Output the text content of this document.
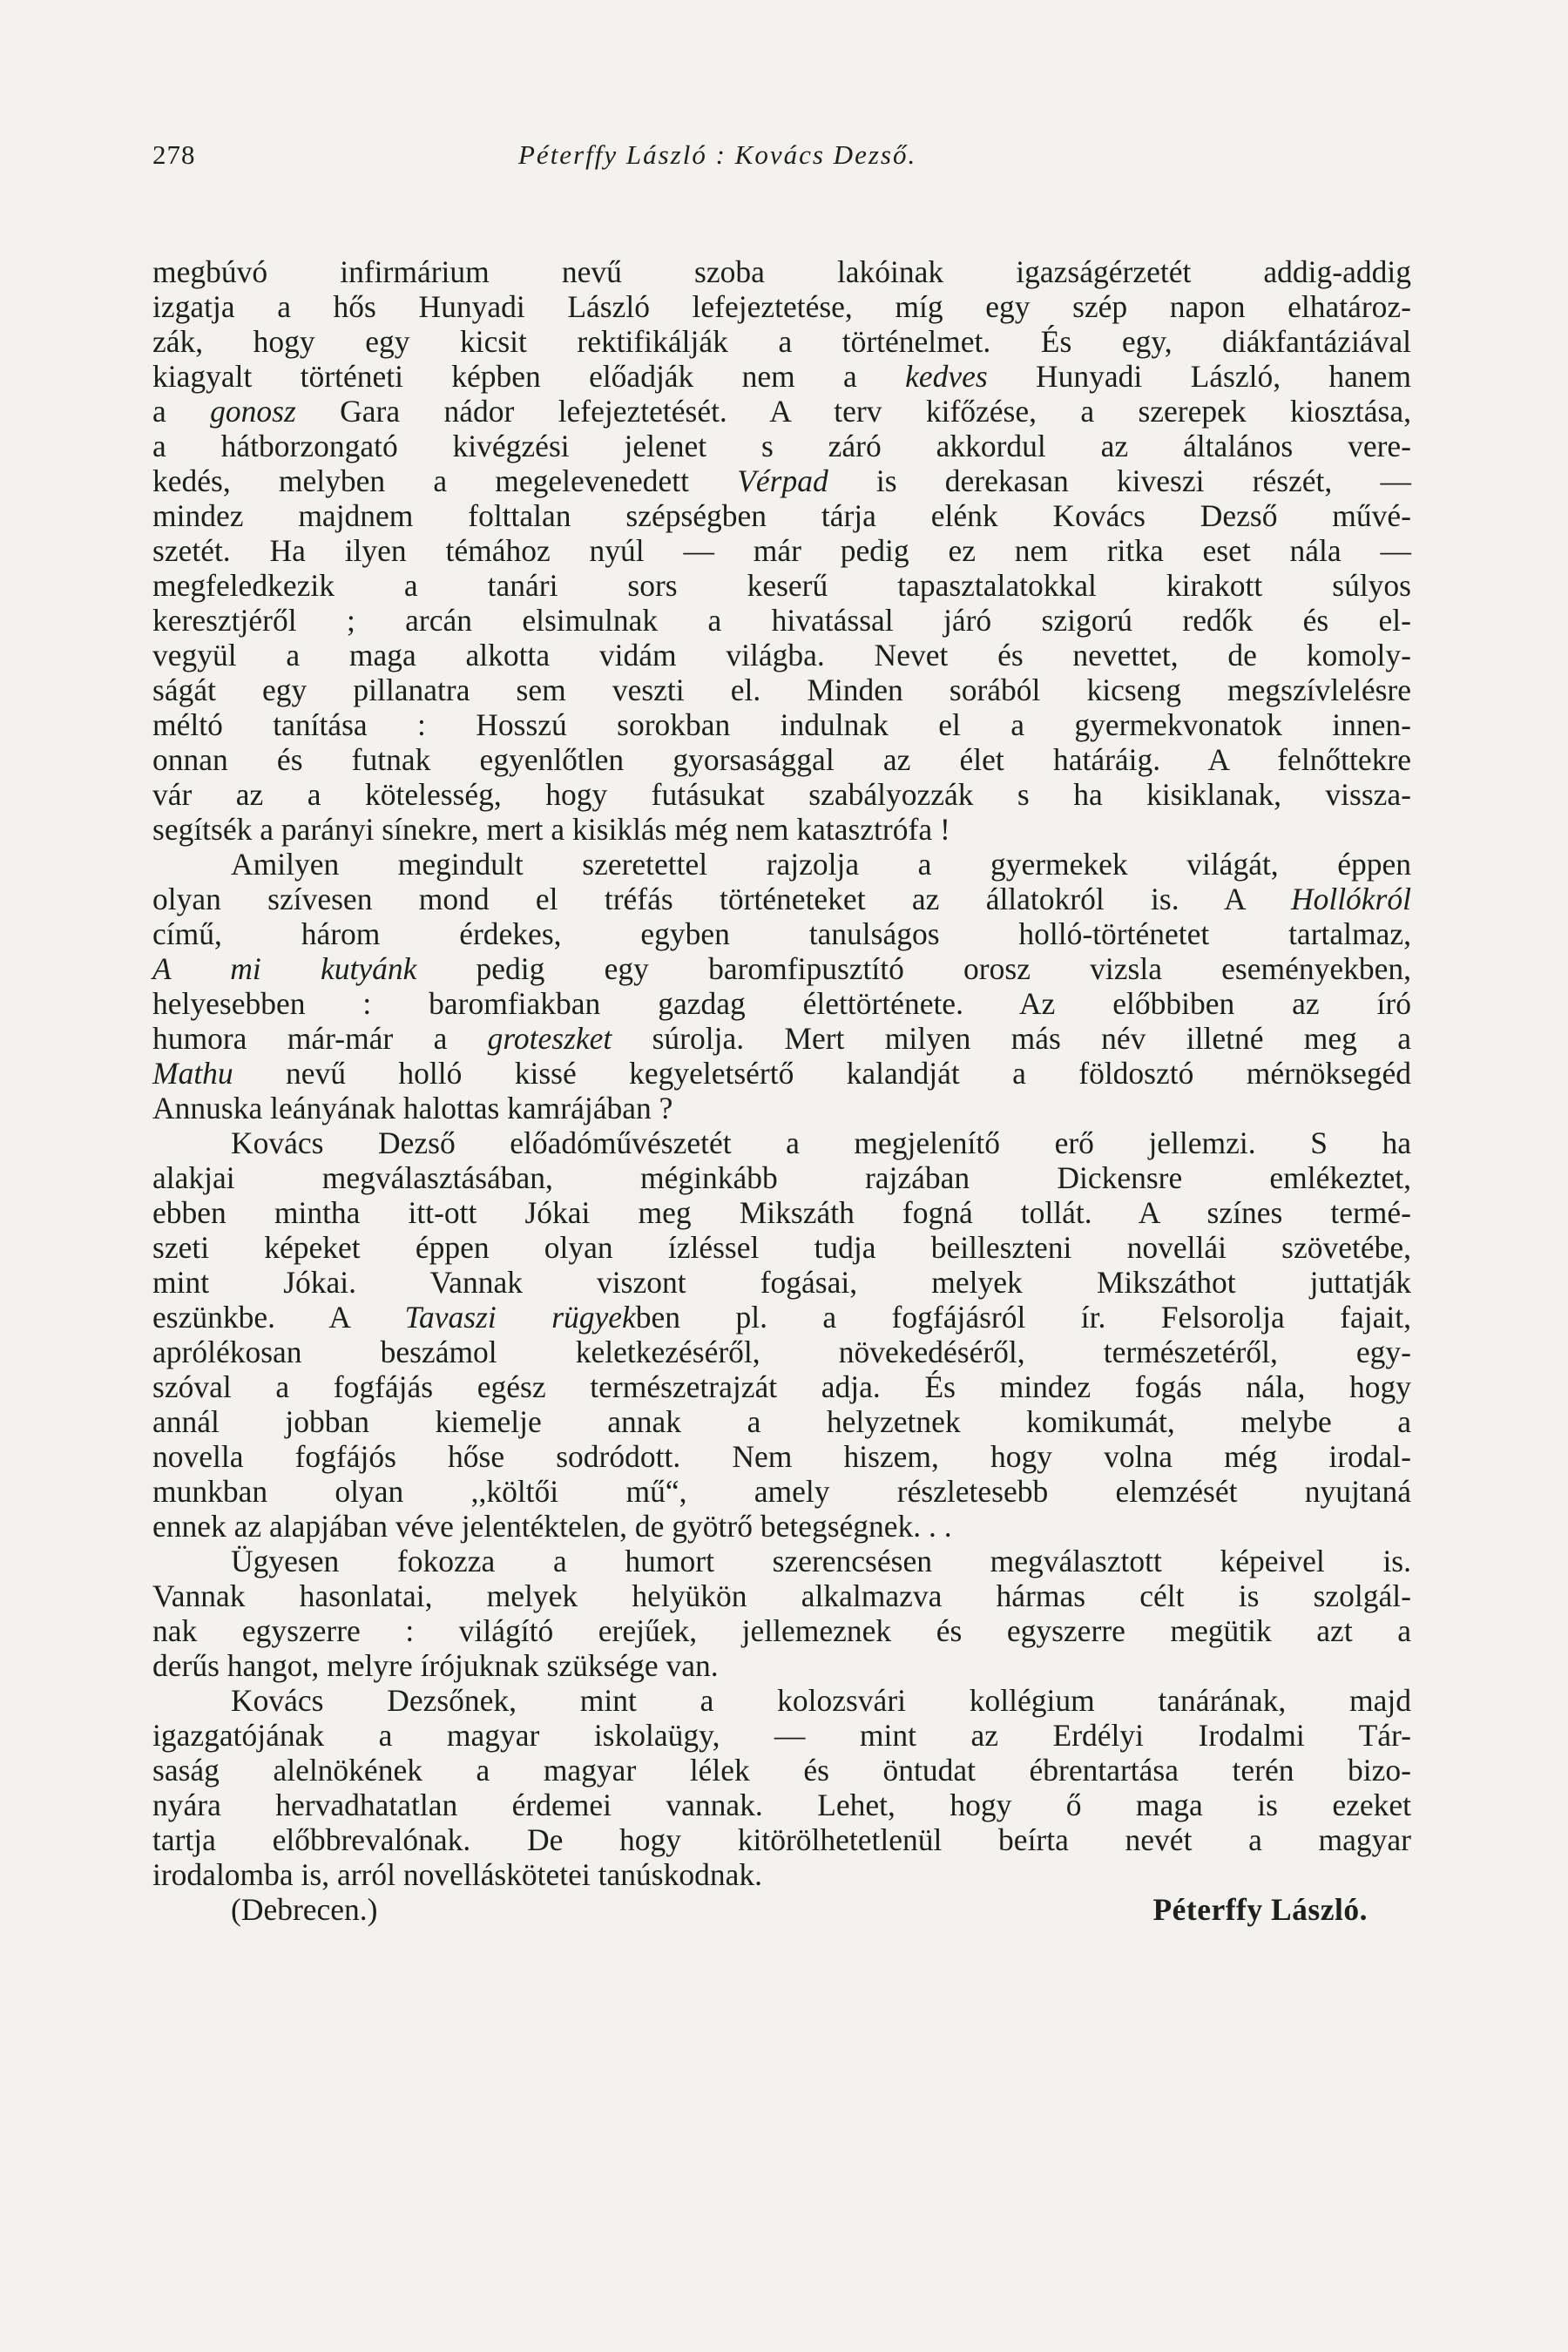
278	Péterffy László : Kovács Dezső.
megbúvó infirmárium nevű szoba lakóinak igazságérzetét addig-addig
izgatja a hős Hunyadi László lefejeztetése, míg egy szép napon elhatároz-
zák, hogy egy kicsit rektifikálják a történelmet. És egy, diákfantáziával
kiagyalt történeti képben előadják nem a kedves Hunyadi László, hanem
a gonosz Gara nádor lefejeztetését. A terv kifőzése, a szerepek kiosztása,
a hátborzongató kivégzési jelenet s záró akkordul az általános vere-
kedés, melyben a megelevenedett Vérpad is derekasan kiveszi részét, —
mindez majdnem folttalan szépségben tárja elénk Kovács Dezső művé-
szetét. Ha ilyen témához nyúl — már pedig ez nem ritka eset nála —
megfeledkezik a tanári sors keserű tapasztalatokkal kirakott súlyos
keresztjéről ; arcán elsimulnak a hivatással járó szigorú redők és el-
vegyül a maga alkotta vidám világba. Nevet és nevettet, de komoly-
ságát egy pillanatra sem veszti el. Minden sorából kicseng megszívlelésre
méltó tanítása : Hosszú sorokban indulnak el a gyermekvonatok innen-
onnan és futnak egyenlőtlen gyorsasággal az élet határáig. A felnőttekre
vár az a kötelesség, hogy futásukat szabályozzák s ha kisiklanak, vissza-
segítsék a parányi sínekre, mert a kisiklás még nem katasztrófa !
Amilyen megindult szeretettel rajzolja a gyermekek világát, éppen
olyan szívesen mond el tréfás történeteket az állatokról is. A Hollókról
című, három érdekes, egyben tanulságos holló-történetet tartalmaz,
A mi kutyánk pedig egy baromfipusztító orosz vizsla eseményekben,
helyesebben : baromfiakban gazdag élettörténete. Az előbbiben az író
humora már-már a groteszket súrolja. Mert milyen más név illetné meg a
Mathu nevű holló kissé kegyeletsértő kalandját a földosztó mérnöksegéd
Annuska leányának halottas kamrájában ?
Kovács Dezső előadóművészetét a megjelenítő erő jellemzi. S ha
alakjai megválasztásában, méginkább rajzában Dickensre emlékeztet,
ebben mintha itt-ott Jókai meg Mikszáth fogná tollát. A színes termé-
szeti képeket éppen olyan ízléssel tudja beilleszteni novellái szövetébe,
mint Jókai. Vannak viszont fogásai, melyek Mikszáthot juttatják
eszünkbe. A Tavaszi rügyekben pl. a fogfájásról ír. Felsorolja fajait,
aprólékosan beszámol keletkezéséről, növekedéséről, természetéről, egy-
szóval a fogfájás egész természetrajzát adja. És mindez fogás nála, hogy
annál jobban kiemelje annak a helyzetnek komikumát, melybe a
novella fogfájós hőse sodródott. Nem hiszem, hogy volna még irodal-
munkban olyan ,,költői mű“, amely részletesebb elemzését nyujtaná
ennek az alapjában véve jelentéktelen, de gyötrő betegségnek. . .
Ügyesen fokozza a humort szerencsésen megválasztott képeivel is.
Vannak hasonlatai, melyek helyükön alkalmazva hármas célt is szolgál-
nak egyszerre : világító erejűek, jellemeznek és egyszerre megütik azt a
derűs hangot, melyre írójuknak szüksége van.
Kovács Dezsőnek, mint a kolozsvári kollégium tanárának, majd
igazgatójának a magyar iskolaügy, — mint az Erdélyi Irodalmi Tár-
saság alelnökének a magyar lélek és öntudat ébrentartása terén bizo-
nyára hervadhatatlan érdemei vannak. Lehet, hogy ő maga is ezeket
tartja előbbrevalónak. De hogy kitörölhetetlenül beírta nevét a magyar
irodalomba is, arról novelláskötetei tanúskodnak.
(Debrecen.)	Péterffy László.
